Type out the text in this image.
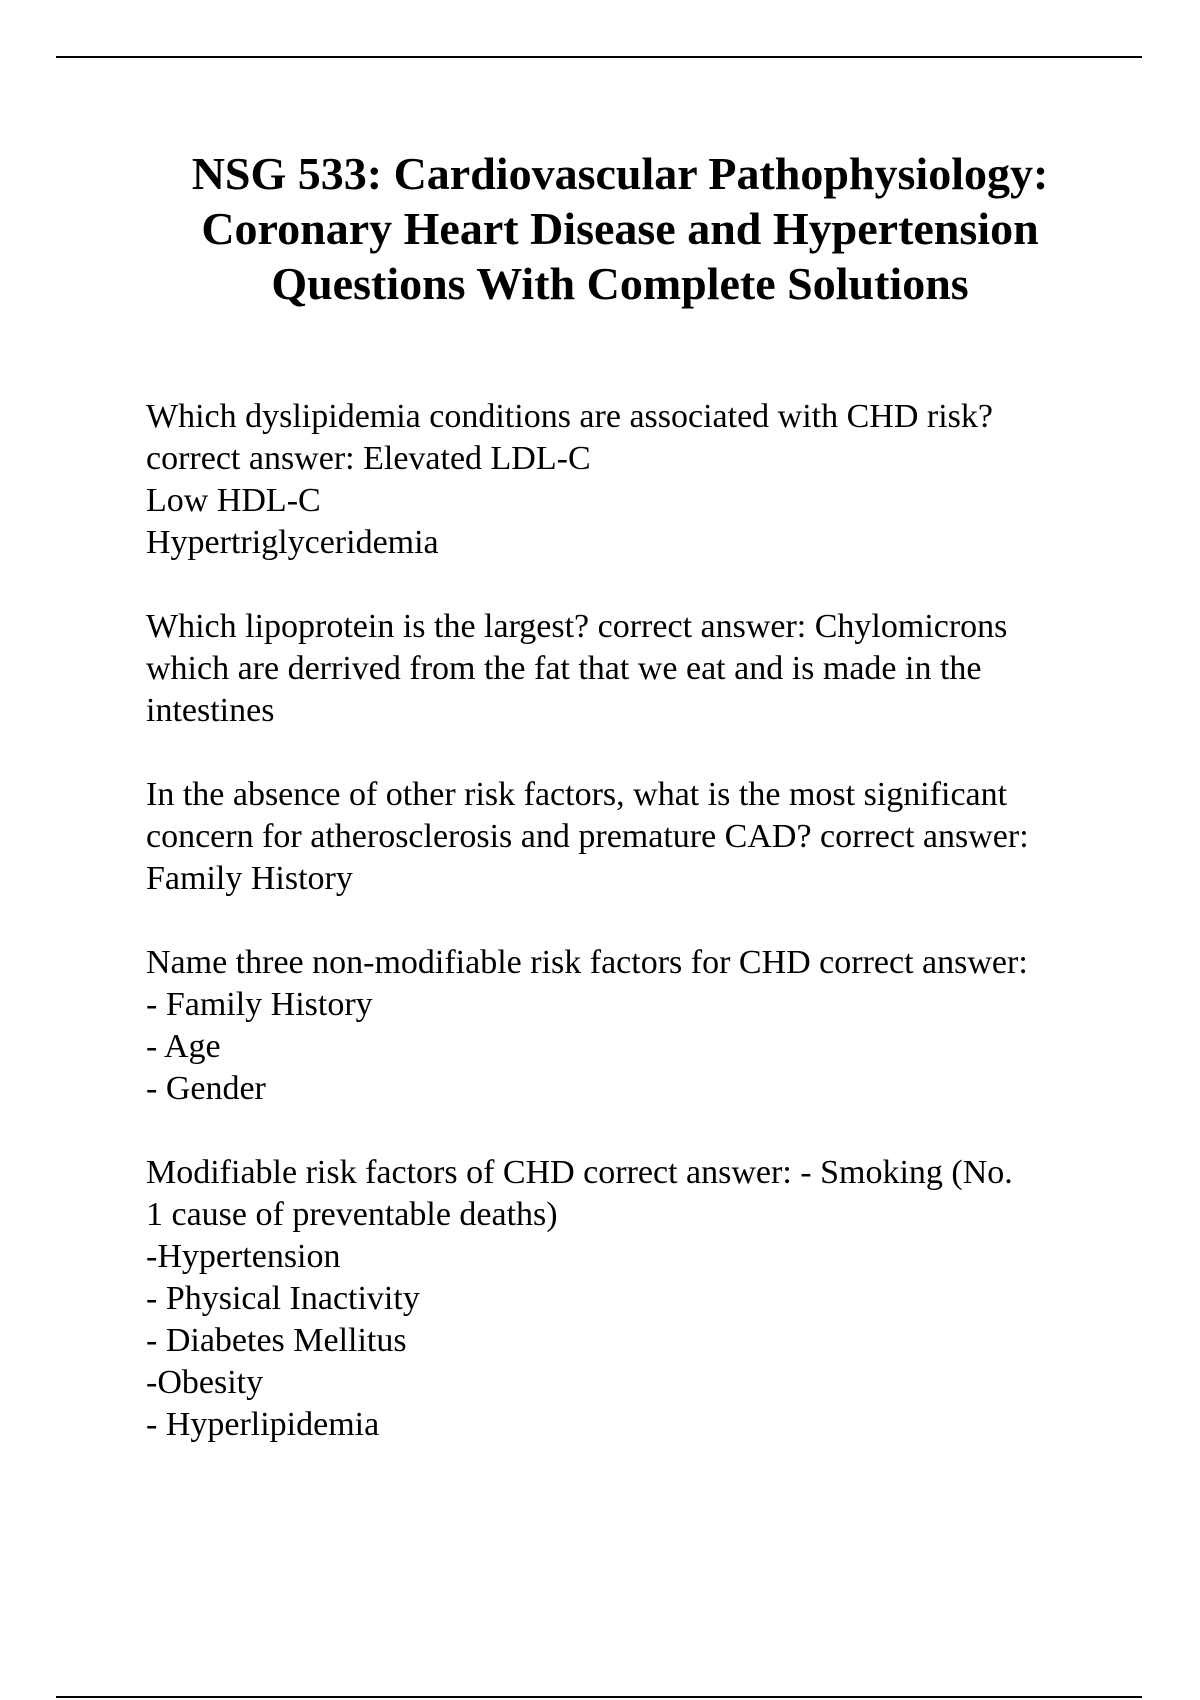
NSG 533: Cardiovascular Pathophysiology:
Coronary Heart Disease and Hypertension
Questions With Complete Solutions
Which dyslipidemia conditions are associated with CHD risk?
correct answer: Elevated LDL-C
Low HDL-C
Hypertriglyceridemia
Which lipoprotein is the largest? correct answer: Chylomicrons
which are derrived from the fat that we eat and is made in the
intestines
In the absence of other risk factors, what is the most significant
concern for atherosclerosis and premature CAD? correct answer:
Family History
Name three non-modifiable risk factors for CHD correct answer:
- Family History
- Age
- Gender
Modifiable risk factors of CHD correct answer: - Smoking (No.
1 cause of preventable deaths)
-Hypertension
- Physical Inactivity
- Diabetes Mellitus
-Obesity
- Hyperlipidemia
